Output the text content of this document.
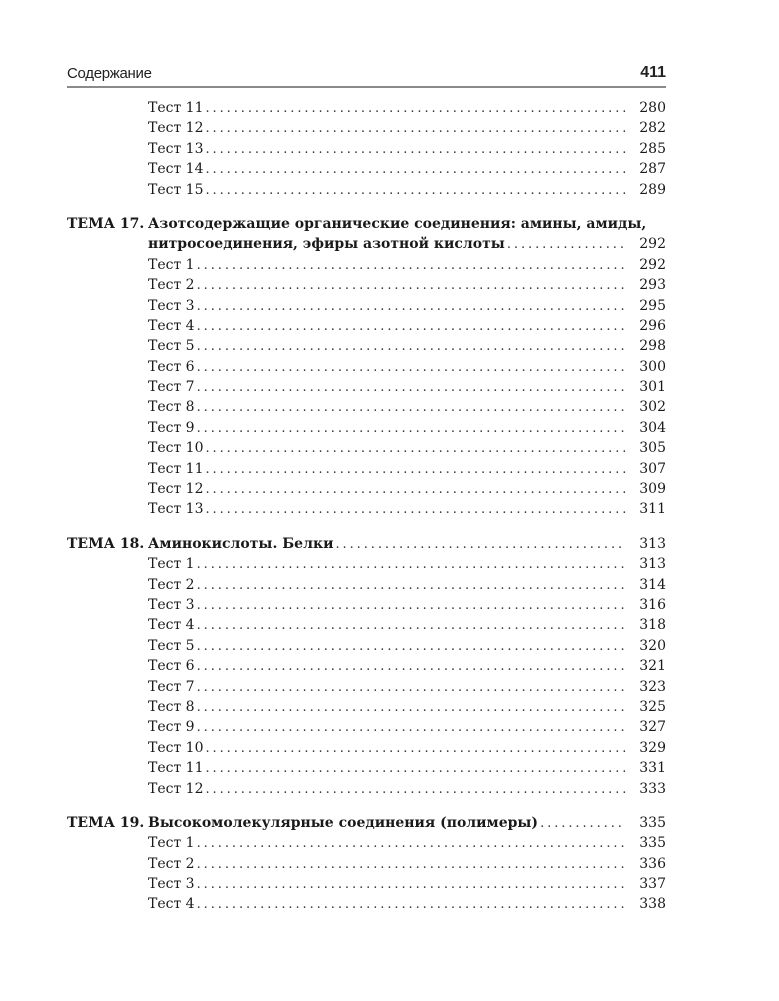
Содержание	411
Тест 11 . . .	280
Тест 12 . . .	282
Тест 13 . . .	285
Тест 14 . . .	287
Тест 15 . . .	289
ТЕМА 17. Азотсодержащие органические соединения: амины, амиды,
нитросоединения, эфиры азотной кислоты . . .	292
Тест 1 . . .	292
Тест 2 . . .	293
Тест 3 . . .	295
Тест 4 . . .	296
Тест 5 . . .	298
Тест 6 . . .	300
Тест 7 . . .	301
Тест 8 . . .	302
Тест 9 . . .	304
Тест 10 . . .	305
Тест 11 . . .	307
Тест 12 . . .	309
Тест 13 . . .	311
ТЕМА 18. Аминокислоты. Белки . . .	313
Тест 1 . . .	313
Тест 2 . . .	314
Тест 3 . . .	316
Тест 4 . . .	318
Тест 5 . . .	320
Тест 6 . . .	321
Тест 7 . . .	323
Тест 8 . . .	325
Тест 9 . . .	327
Тест 10 . . .	329
Тест 11 . . .	331
Тест 12 . . .	333
ТЕМА 19. Высокомолекулярные соединения (полимеры) . . .	335
Тест 1 . . .	335
Тест 2 . . .	336
Тест 3 . . .	337
Тест 4 . . .	338
